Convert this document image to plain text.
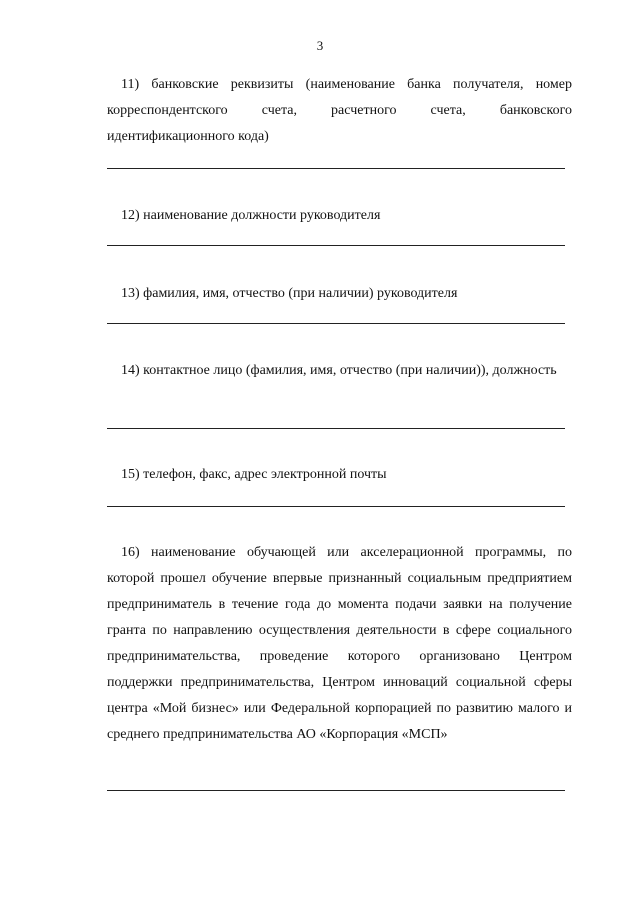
3
11) банковские реквизиты (наименование банка получателя, номер корреспондентского счета, расчетного счета, банковского идентификационного кода)
12) наименование должности руководителя
13) фамилия, имя, отчество (при наличии) руководителя
14) контактное лицо (фамилия, имя, отчество (при наличии)), должность
15) телефон, факс, адрес электронной почты
16) наименование обучающей или акселерационной программы, по которой прошел обучение впервые признанный социальным предприятием предприниматель в течение года до момента подачи заявки на получение гранта по направлению осуществления деятельности в сфере социального предпринимательства, проведение которого организовано Центром поддержки предпринимательства, Центром инноваций социальной сферы центра «Мой бизнес» или Федеральной корпорацией по развитию малого и среднего предпринимательства АО «Корпорация «МСП»
